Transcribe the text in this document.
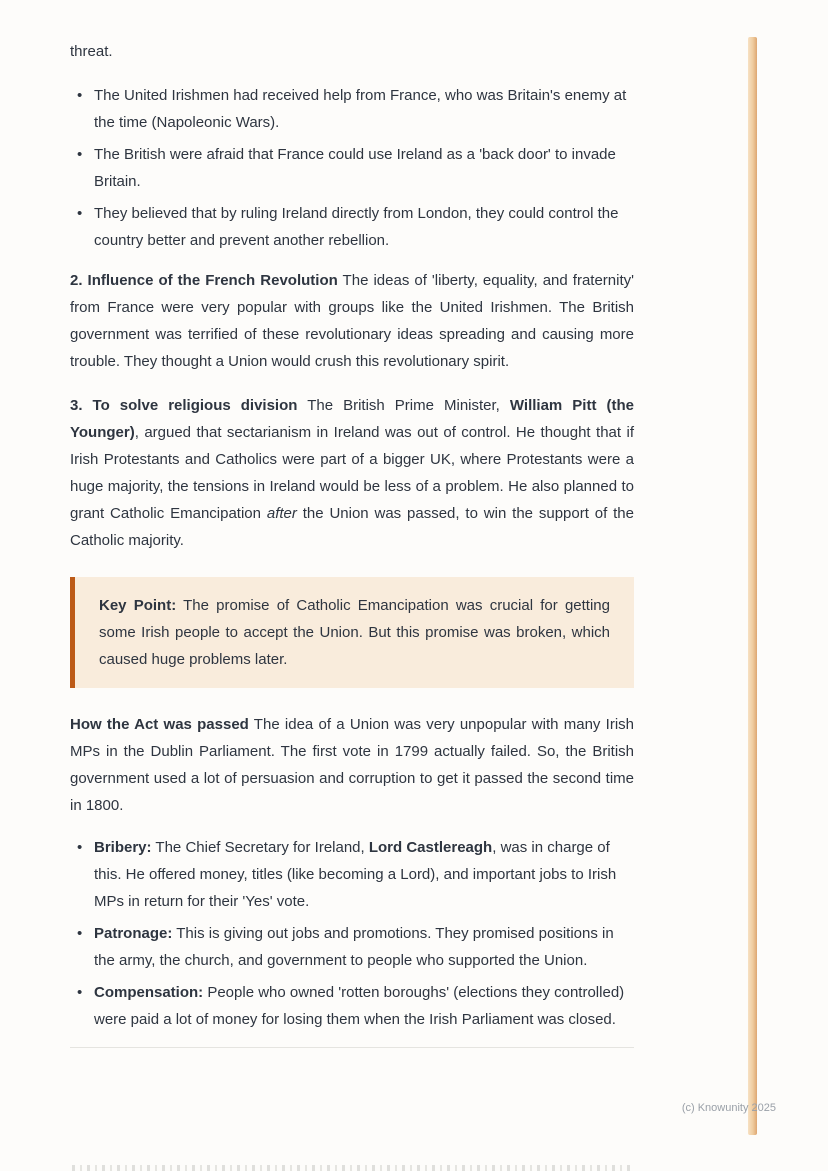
threat.

• The United Irishmen had received help from France, who was Britain's enemy at the time (Napoleonic Wars).
• The British were afraid that France could use Ireland as a 'back door' to invade Britain.
• They believed that by ruling Ireland directly from London, they could control the country better and prevent another rebellion.

2. Influence of the French Revolution The ideas of 'liberty, equality, and fraternity' from France were very popular with groups like the United Irishmen. The British government was terrified of these revolutionary ideas spreading and causing more trouble. They thought a Union would crush this revolutionary spirit.

3. To solve religious division The British Prime Minister, William Pitt (the Younger), argued that sectarianism in Ireland was out of control. He thought that if Irish Protestants and Catholics were part of a bigger UK, where Protestants were a huge majority, the tensions in Ireland would be less of a problem. He also planned to grant Catholic Emancipation after the Union was passed, to win the support of the Catholic majority.

Key Point: The promise of Catholic Emancipation was crucial for getting some Irish people to accept the Union. But this promise was broken, which caused huge problems later.

How the Act was passed The idea of a Union was very unpopular with many Irish MPs in the Dublin Parliament. The first vote in 1799 actually failed. So, the British government used a lot of persuasion and corruption to get it passed the second time in 1800.

• Bribery: The Chief Secretary for Ireland, Lord Castlereagh, was in charge of this. He offered money, titles (like becoming a Lord), and important jobs to Irish MPs in return for their 'Yes' vote.
• Patronage: This is giving out jobs and promotions. They promised positions in the army, the church, and government to people who supported the Union.
• Compensation: People who owned 'rotten boroughs' (elections they controlled) were paid a lot of money for losing them when the Irish Parliament was closed.
(c) Knowunity 2025
